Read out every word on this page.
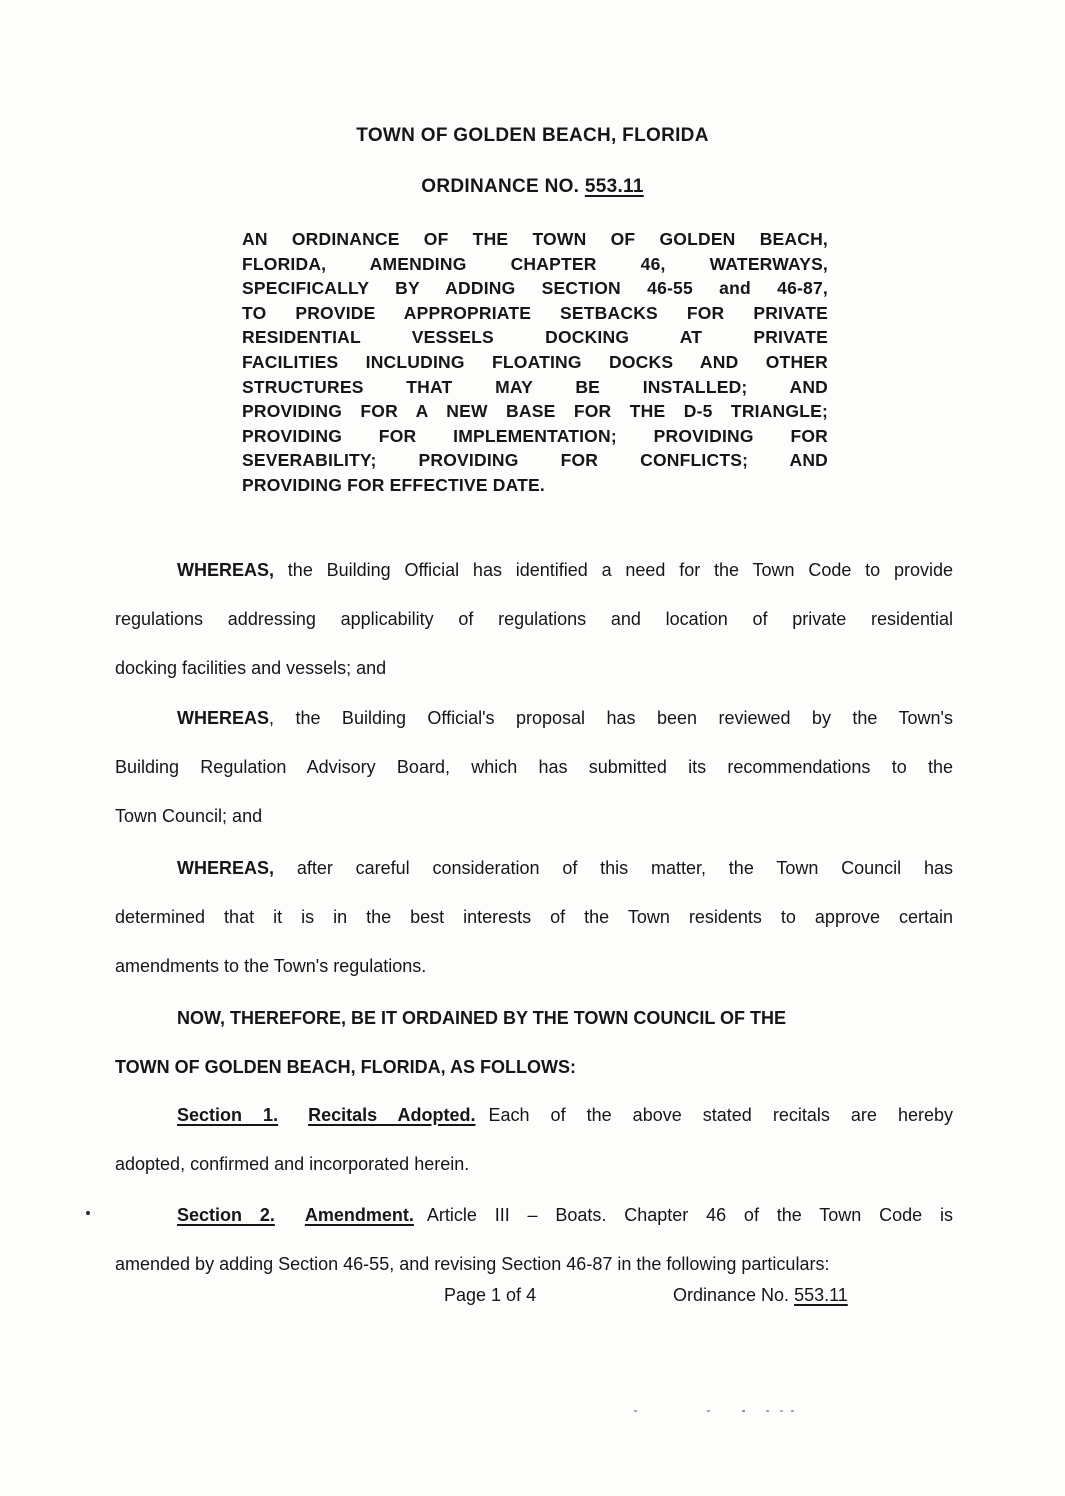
TOWN OF GOLDEN BEACH, FLORIDA
ORDINANCE NO. 553.11
AN ORDINANCE OF THE TOWN OF GOLDEN BEACH,
FLORIDA, AMENDING CHAPTER 46, WATERWAYS,
SPECIFICALLY BY ADDING SECTION 46-55 and 46-87,
TO PROVIDE APPROPRIATE SETBACKS FOR PRIVATE
RESIDENTIAL VESSELS DOCKING AT PRIVATE
FACILITIES INCLUDING FLOATING DOCKS AND OTHER
STRUCTURES THAT MAY BE INSTALLED; AND
PROVIDING FOR A NEW BASE FOR THE D-5 TRIANGLE;
PROVIDING FOR IMPLEMENTATION; PROVIDING FOR
SEVERABILITY; PROVIDING FOR CONFLICTS; AND
PROVIDING FOR EFFECTIVE DATE.
WHEREAS, the Building Official has identified a need for the Town Code to provide
regulations addressing applicability of regulations and location of private residential
docking facilities and vessels; and
WHEREAS, the Building Official's proposal has been reviewed by the Town's
Building Regulation Advisory Board, which has submitted its recommendations to the
Town Council; and
WHEREAS, after careful consideration of this matter, the Town Council has
determined that it is in the best interests of the Town residents to approve certain
amendments to the Town's regulations.
NOW, THEREFORE, BE IT ORDAINED BY THE TOWN COUNCIL OF THE
TOWN OF GOLDEN BEACH, FLORIDA, AS FOLLOWS:
Section 1. Recitals Adopted. Each of the above stated recitals are hereby
adopted, confirmed and incorporated herein.
Section 2. Amendment. Article III – Boats. Chapter 46 of the Town Code is
amended by adding Section 46-55, and revising Section 46-87 in the following particulars:
Page 1 of 4	Ordinance No. 553.11
